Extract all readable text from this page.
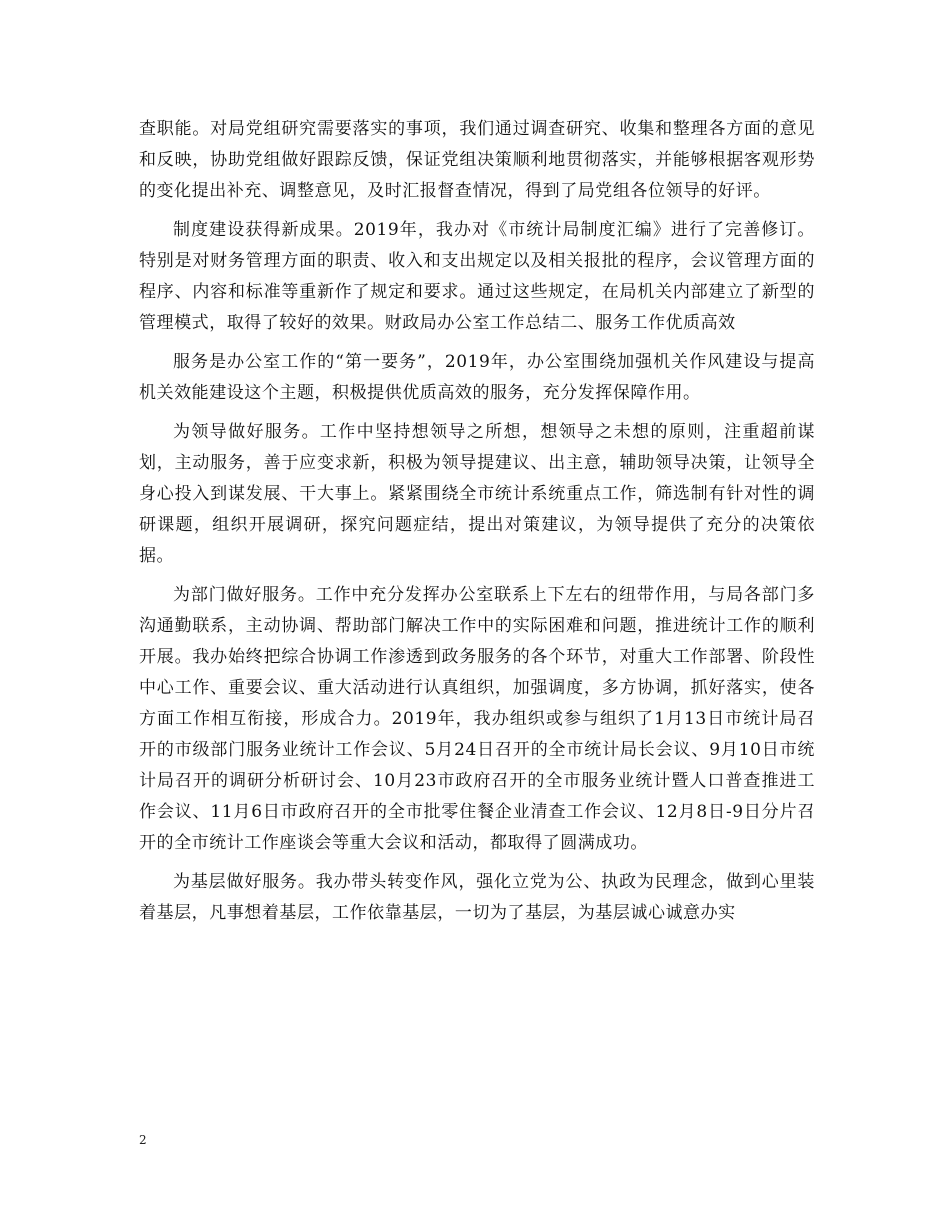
查职能。对局党组研究需要落实的事项，我们通过调查研究、收集和整理各方面的意见和反映，协助党组做好跟踪反馈，保证党组决策顺利地贯彻落实，并能够根据客观形势的变化提出补充、调整意见，及时汇报督查情况，得到了局党组各位领导的好评。

制度建设获得新成果。2019年，我办对《市统计局制度汇编》进行了完善修订。特别是对财务管理方面的职责、收入和支出规定以及相关报批的程序，会议管理方面的程序、内容和标准等重新作了规定和要求。通过这些规定，在局机关内部建立了新型的管理模式，取得了较好的效果。财政局办公室工作总结二、服务工作优质高效

服务是办公室工作的“第一要务”，2019年，办公室围绕加强机关作风建设与提高机关效能建设这个主题，积极提供优质高效的服务，充分发挥保障作用。

为领导做好服务。工作中坚持想领导之所想，想领导之未想的原则，注重超前谋划，主动服务，善于应变求新，积极为领导提建议、出主意，辅助领导决策，让领导全身心投入到谋发展、干大事上。紧紧围绕全市统计系统重点工作，筛选制有针对性的调研课题，组织开展调研，探究问题症结，提出对策建议，为领导提供了充分的决策依据。

为部门做好服务。工作中充分发挥办公室联系上下左右的纽带作用，与局各部门多沟通勤联系，主动协调、帮助部门解决工作中的实际困难和问题，推进统计工作的顺利开展。我办始终把综合协调工作渗透到政务服务的各个环节，对重大工作部署、阶段性中心工作、重要会议、重大活动进行认真组织，加强调度，多方协调，抓好落实，使各方面工作相互衔接，形成合力。2019年，我办组织或参与组织了1月13日市统计局召开的市级部门服务业统计工作会议、5月24日召开的全市统计局长会议、9月10日市统计局召开的调研分析研讨会、10月23市政府召开的全市服务业统计暨人口普查推进工作会议、11月6日市政府召开的全市批零住餐企业清查工作会议、12月8日-9日分片召开的全市统计工作座谈会等重大会议和活动，都取得了圆满成功。

为基层做好服务。我办带头转变作风，强化立党为公、执政为民理念，做到心里装着基层，凡事想着基层，工作依靠基层，一切为了基层，为基层诚心诚意办实

2
